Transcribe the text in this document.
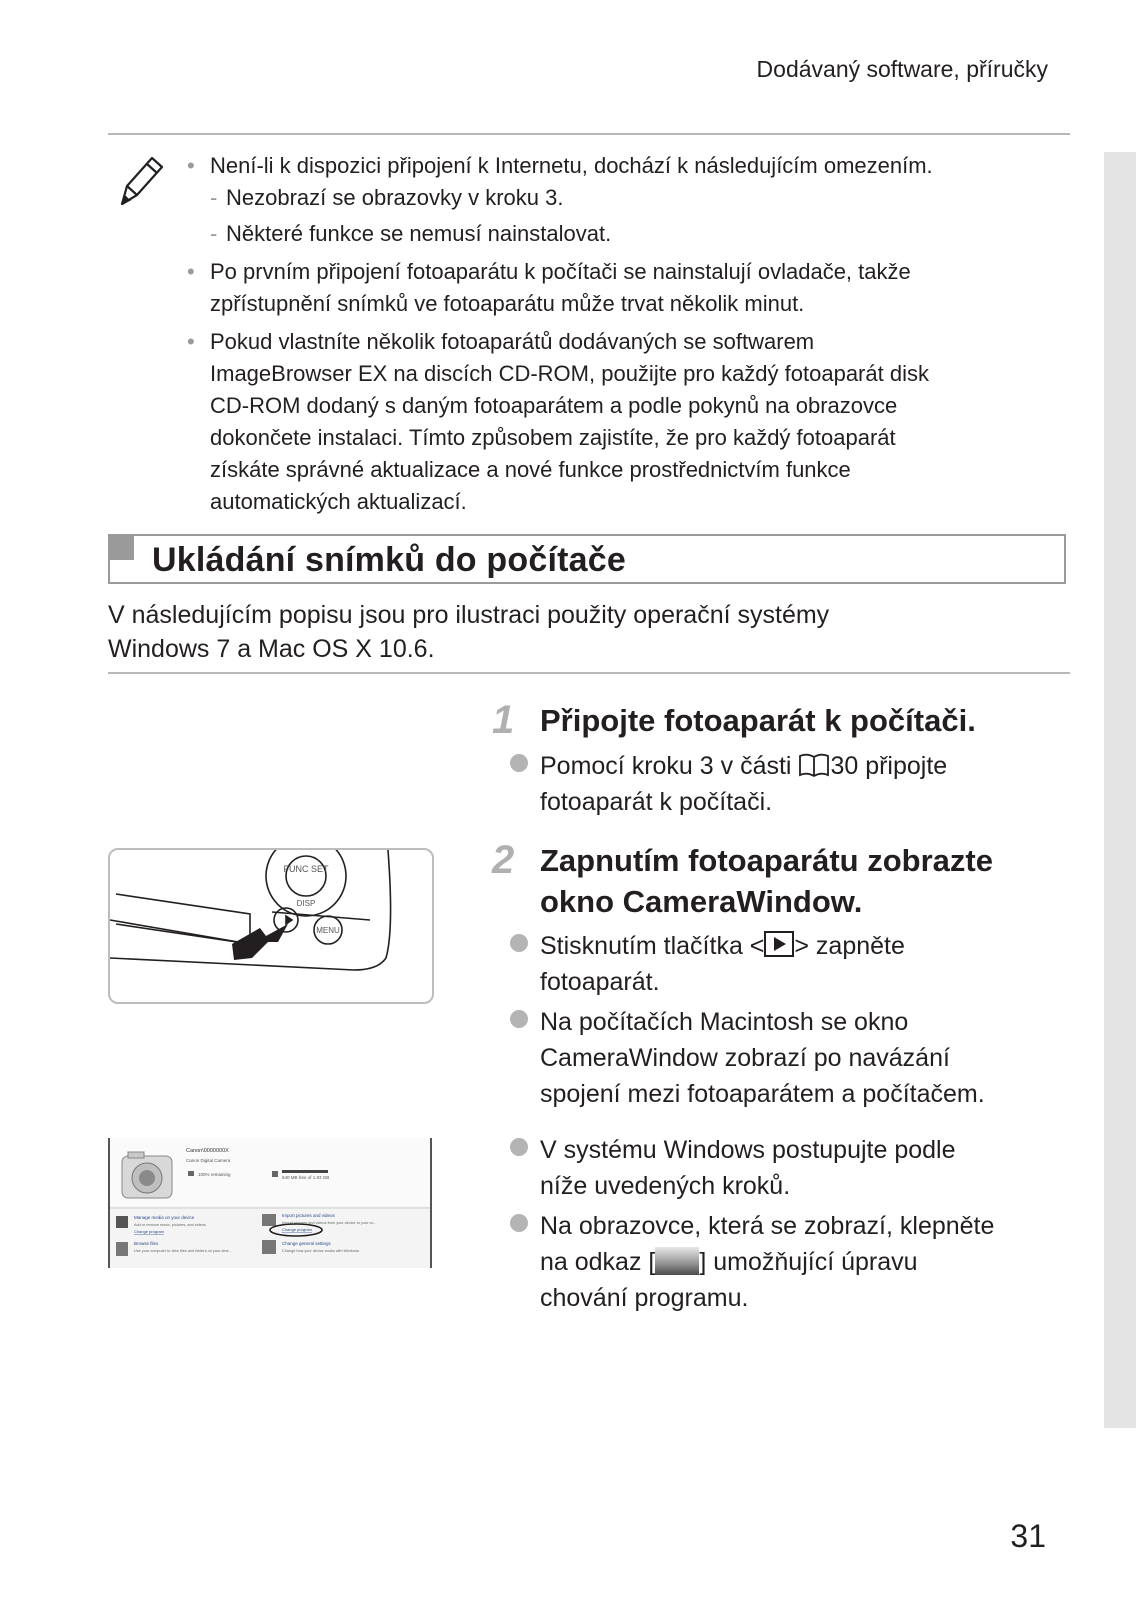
Dodávaný software, příručky
• Není-li k dispozici připojení k Internetu, dochází k následujícím omezením.
- Nezobrazí se obrazovky v kroku 3.
- Některé funkce se nemusí nainstalovat.
• Po prvním připojení fotoaparátu k počítači se nainstalují ovladače, takže
zpřístupnění snímků ve fotoaparátu může trvat několik minut.
• Pokud vlastníte několik fotoaparátů dodávaných se softwarem
ImageBrowser EX na discích CD-ROM, použijte pro každý fotoaparát disk
CD-ROM dodaný s daným fotoaparátem a podle pokynů na obrazovce
dokončete instalaci. Tímto způsobem zajistíte, že pro každý fotoaparát
získáte správné aktualizace a nové funkce prostřednictvím funkce
automatických aktualizací.
Ukládání snímků do počítače
V následujícím popisu jsou pro ilustraci použity operační systémy
Windows 7 a Mac OS X 10.6.
1 Připojte fotoaparát k počítači.
Pomocí kroku 3 v části 30 připojte
fotoaparát k počítači.
2 Zapnutím fotoaparátu zobrazte
okno CameraWindow.
Stisknutím tlačítka < > zapněte
fotoaparát.
Na počítačích Macintosh se okno
CameraWindow zobrazí po navázání
spojení mezi fotoaparátem a počítačem.
V systému Windows postupujte podle
níže uvedených kroků.
Na obrazovce, která se zobrazí, klepněte
na odkaz [ ] umožňující úpravu
chování programu.
FUNC SET
DISP
MENU
Canon\0000000X
Canon Digital Camera
100% remaining
640 MB free of 1.83 GB
Manage media on your device
Add or remove music, pictures, and videos
Change program
Browse files
Use your computer to view files and folders on your devi...
Import pictures and videos
Import pictures and videos from your device to your co...
Change program
Change general settings
Change how your device works with Windows
31
